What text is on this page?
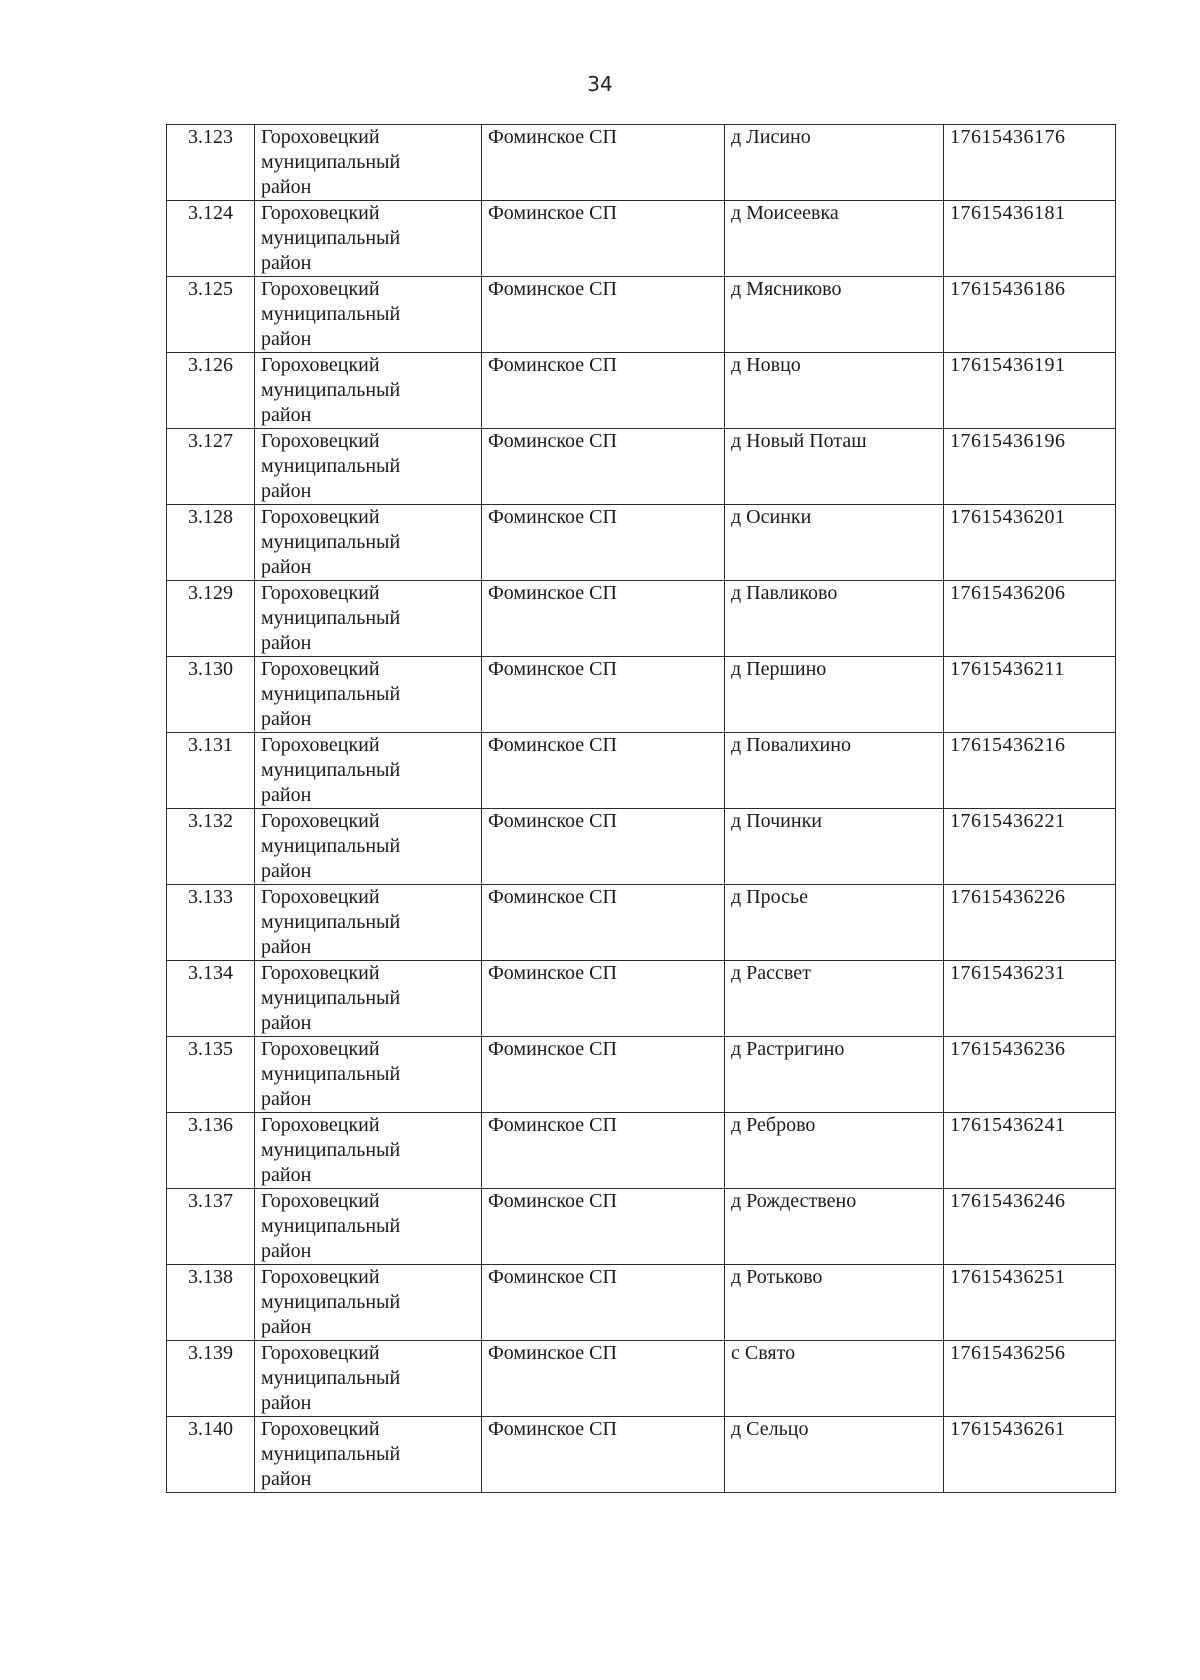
34
3.123	Гороховецкий
муниципальный
район	Фоминское СП	д Лисино	17615436176
3.124	Гороховецкий
муниципальный
район	Фоминское СП	д Моисеевка	17615436181
3.125	Гороховецкий
муниципальный
район	Фоминское СП	д Мясниково	17615436186
3.126	Гороховецкий
муниципальный
район	Фоминское СП	д Новцо	17615436191
3.127	Гороховецкий
муниципальный
район	Фоминское СП	д Новый Поташ	17615436196
3.128	Гороховецкий
муниципальный
район	Фоминское СП	д Осинки	17615436201
3.129	Гороховецкий
муниципальный
район	Фоминское СП	д Павликово	17615436206
3.130	Гороховецкий
муниципальный
район	Фоминское СП	д Першино	17615436211
3.131	Гороховецкий
муниципальный
район	Фоминское СП	д Повалихино	17615436216
3.132	Гороховецкий
муниципальный
район	Фоминское СП	д Починки	17615436221
3.133	Гороховецкий
муниципальный
район	Фоминское СП	д Просье	17615436226
3.134	Гороховецкий
муниципальный
район	Фоминское СП	д Рассвет	17615436231
3.135	Гороховецкий
муниципальный
район	Фоминское СП	д Растригино	17615436236
3.136	Гороховецкий
муниципальный
район	Фоминское СП	д Реброво	17615436241
3.137	Гороховецкий
муниципальный
район	Фоминское СП	д Рождествено	17615436246
3.138	Гороховецкий
муниципальный
район	Фоминское СП	д Ротьково	17615436251
3.139	Гороховецкий
муниципальный
район	Фоминское СП	с Свято	17615436256
3.140	Гороховецкий
муниципальный
район	Фоминское СП	д Сельцо	17615436261
